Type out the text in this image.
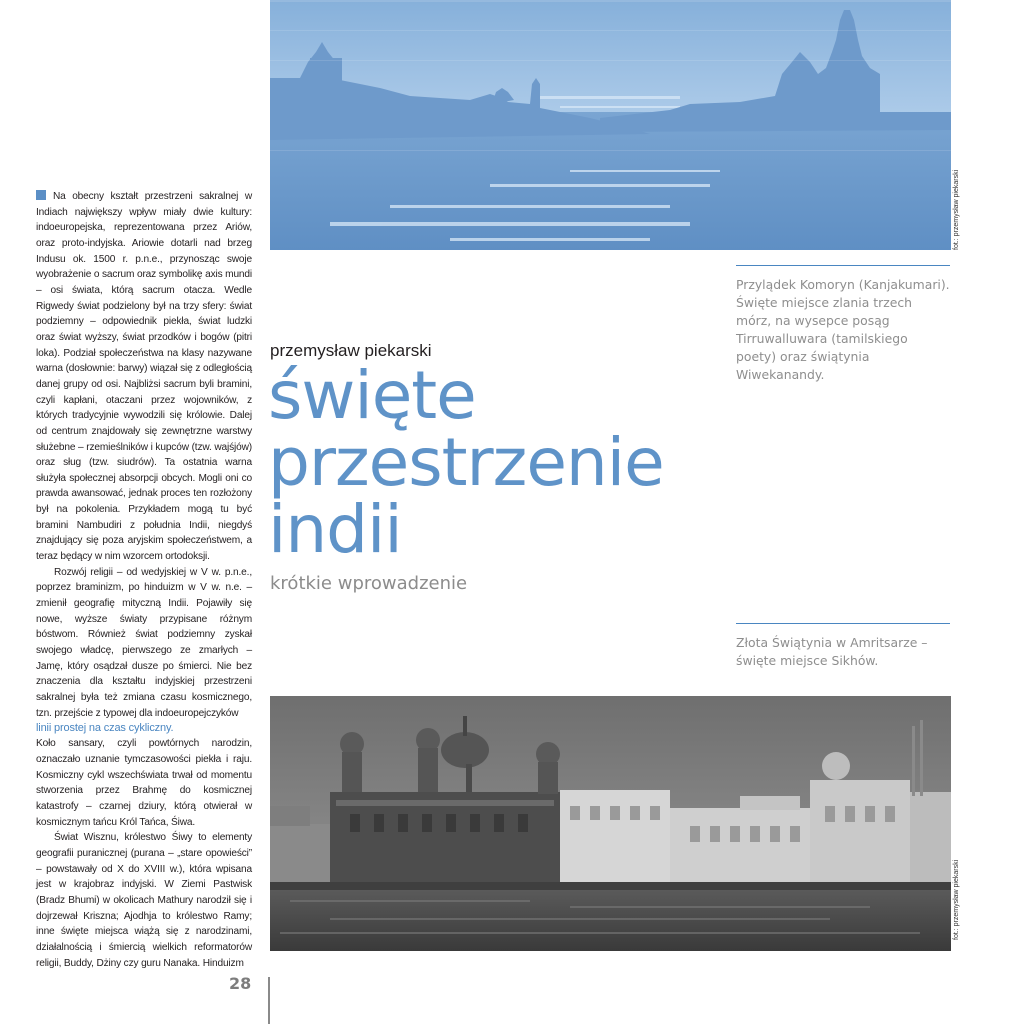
fot.: przemysław piekarski

Na obecny kształt przestrzeni sakralnej w Indiach największy wpływ miały dwie kultury: indoeuropejska, reprezentowana przez Ariów, oraz proto-indyjska. Ariowie dotarli nad brzeg Indusu ok. 1500 r. p.n.e., przynosząc swoje wyobrażenie o sacrum oraz symbolikę axis mundi – osi świata, którą sacrum otacza. Wedle Rigwedy świat podzielony był na trzy sfery: świat podziemny – odpowiednik piekła, świat ludzki oraz świat wyższy, świat przodków i bogów (pitri loka). Podział społeczeństwa na klasy nazywane warna (dosłownie: barwy) wiązał się z odległością danej grupy od osi. Najbliżsi sacrum byli bramini, czyli kapłani, otaczani przez wojowników, z których tradycyjnie wywodzili się królowie. Dalej od centrum znajdowały się zewnętrzne warstwy służebne – rzemieślników i kupców (tzw. wajśjów) oraz sług (tzw. siudrów). Ta ostatnia warna służyła społecznej absorpcji obcych. Mogli oni co prawda awansować, jednak proces ten rozłożony był na pokolenia. Przykładem mogą tu być bramini Nambudiri z południa Indii, niegdyś znajdujący się poza aryjskim społeczeństwem, a teraz będący w nim wzorcem ortodoksji.

Rozwój religii – od wedyjskiej w V w. p.n.e., poprzez braminizm, po hinduizm w V w. n.e. – zmienił geografię mityczną Indii. Pojawiły się nowe, wyższe światy przypisane różnym bóstwom. Również świat podziemny zyskał swojego władcę, pierwszego ze zmarłych – Jamę, który osądzał dusze po śmierci. Nie bez znaczenia dla kształtu indyjskiej przestrzeni sakralnej była też zmiana czasu kosmicznego, tzn. przejście z typowej dla indoeuropejczyków

linii prostej na czas cykliczny.

Koło sansary, czyli powtórnych narodzin, oznaczało uznanie tymczasowości piekła i raju. Kosmiczny cykl wszechświata trwał od momentu stworzenia przez Brahmę do kosmicznej katastrofy – czarnej dziury, którą otwierał w kosmicznym tańcu Król Tańca, Śiwa.

Świat Wisznu, królestwo Śiwy to elementy geografii puranicznej (purana – „stare opowieści” – powstawały od X do XVIII w.), która wpisana jest w krajobraz indyjski. W Ziemi Pastwisk (Bradz Bhumi) w okolicach Mathury narodził się i dojrzewał Kriszna; Ajodhja to królestwo Ramy; inne święte miejsca wiążą się z narodzinami, działalnością i śmiercią wielkich reformatorów religii, Buddy, Dżiny czy guru Nanaka. Hinduizm

przemysław piekarski
święte
przestrzenie
indii
krótkie wprowadzenie
Przylądek Komoryn (Kanjakumari). Święte miejsce zlania trzech mórz, na wysepce posąg Tirruwalluwara (tamilskiego poety) oraz świątynia Wiwekanandy.
Złota Świątynia w Amritsarze – święte miejsce Sikhów.
fot.: przemysław piekarski
28
